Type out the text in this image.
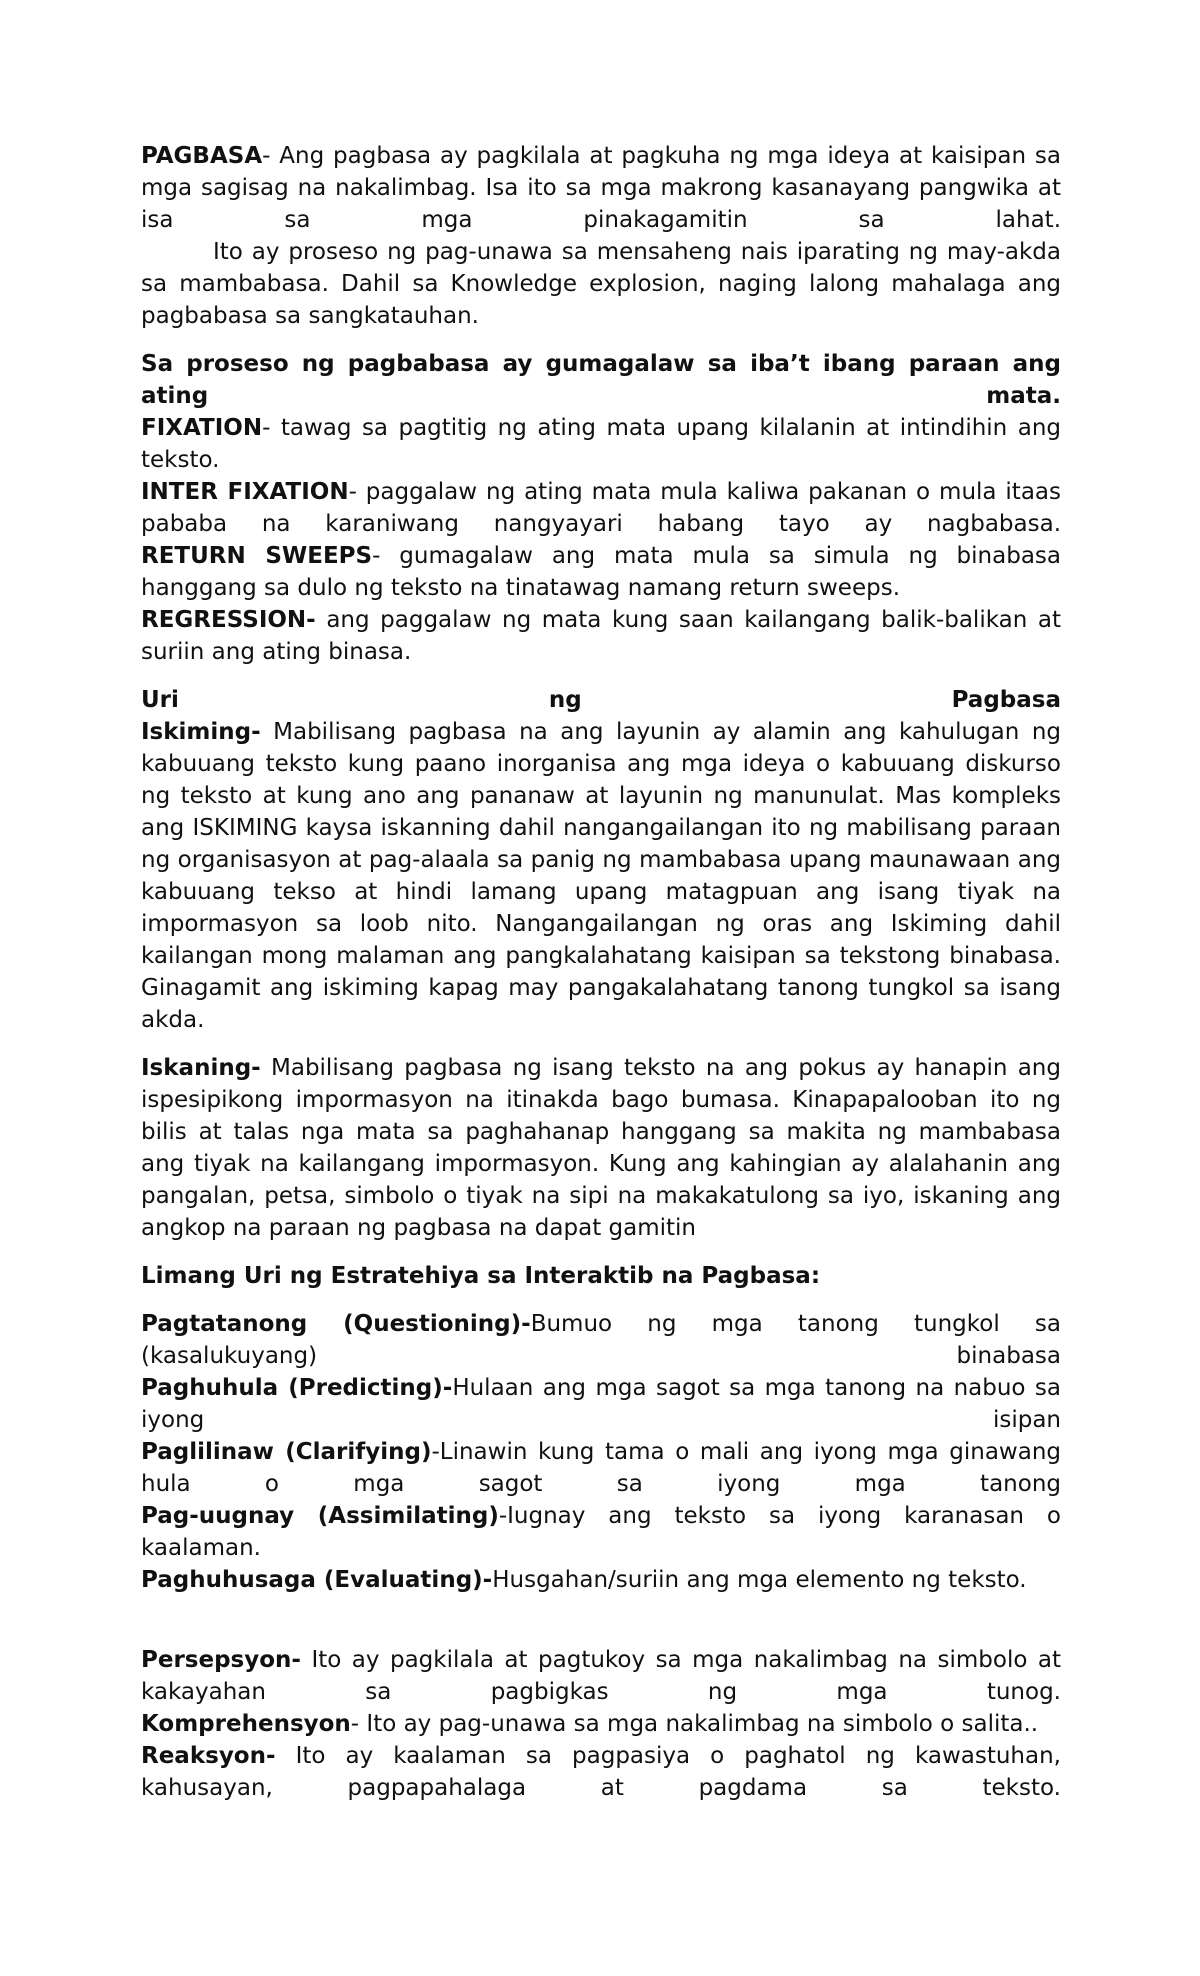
PAGBASA- Ang pagbasa ay pagkilala at pagkuha ng mga ideya at kaisipan sa mga sagisag na nakalimbag. Isa ito sa mga makrong kasanayang pangwika at isa sa mga pinakagamitin sa lahat.

Ito ay proseso ng pag-unawa sa mensaheng nais iparating ng may-akda sa mambabasa. Dahil sa Knowledge explosion, naging lalong mahalaga ang pagbabasa sa sangkatauhan.

Sa proseso ng pagbabasa ay gumagalaw sa iba’t ibang paraan ang ating mata.

FIXATION- tawag sa pagtitig ng ating mata upang kilalanin at intindihin ang teksto.

INTER FIXATION- paggalaw ng ating mata mula kaliwa pakanan o mula itaas pababa na karaniwang nangyayari habang tayo ay nagbabasa.

RETURN SWEEPS- gumagalaw ang mata mula sa simula ng binabasa hanggang sa dulo ng teksto na tinatawag namang return sweeps.

REGRESSION- ang paggalaw ng mata kung saan kailangang balik-balikan at suriin ang ating binasa.

Uri ng Pagbasa

Iskiming- Mabilisang pagbasa na ang layunin ay alamin ang kahulugan ng kabuuang teksto kung paano inorganisa ang mga ideya o kabuuang diskurso ng teksto at kung ano ang pananaw at layunin ng manunulat. Mas kompleks ang ISKIMING kaysa iskanning dahil nangangailangan ito ng mabilisang paraan ng organisasyon at pag-alaala sa panig ng mambabasa upang maunawaan ang kabuuang tekso at hindi lamang upang matagpuan ang isang tiyak na impormasyon sa loob nito. Nangangailangan ng oras ang Iskiming dahil kailangan mong malaman ang pangkalahatang kaisipan sa tekstong binabasa. Ginagamit ang iskiming kapag may pangakalahatang tanong tungkol sa isang akda.

Iskaning- Mabilisang pagbasa ng isang teksto na ang pokus ay hanapin ang ispesipikong impormasyon na itinakda bago bumasa. Kinapapalooban ito ng bilis at talas nga mata sa paghahanap hanggang sa makita ng mambabasa ang tiyak na kailangang impormasyon. Kung ang kahingian ay alalahanin ang pangalan, petsa, simbolo o tiyak na sipi na makakatulong sa iyo, iskaning ang angkop na paraan ng pagbasa na dapat gamitin

Limang Uri ng Estratehiya sa Interaktib na Pagbasa:

Pagtatanong (Questioning)-Bumuo ng mga tanong tungkol sa (kasalukuyang) binabasa

Paghuhula (Predicting)-Hulaan ang mga sagot sa mga tanong na nabuo sa iyong isipan

Paglilinaw (Clarifying)-Linawin kung tama o mali ang iyong mga ginawang hula o mga sagot sa iyong mga tanong

Pag-uugnay (Assimilating)-Iugnay ang teksto sa iyong karanasan o kaalaman.

Paghuhusaga (Evaluating)-Husgahan/suriin ang mga elemento ng teksto.

Persepsyon- Ito ay pagkilala at pagtukoy sa mga nakalimbag na simbolo at kakayahan sa pagbigkas ng mga tunog.

Komprehensyon- Ito ay pag-unawa sa mga nakalimbag na simbolo o salita..

Reaksyon- Ito ay kaalaman sa pagpasiya o paghatol ng kawastuhan, kahusayan, pagpapahalaga at pagdama sa teksto.
